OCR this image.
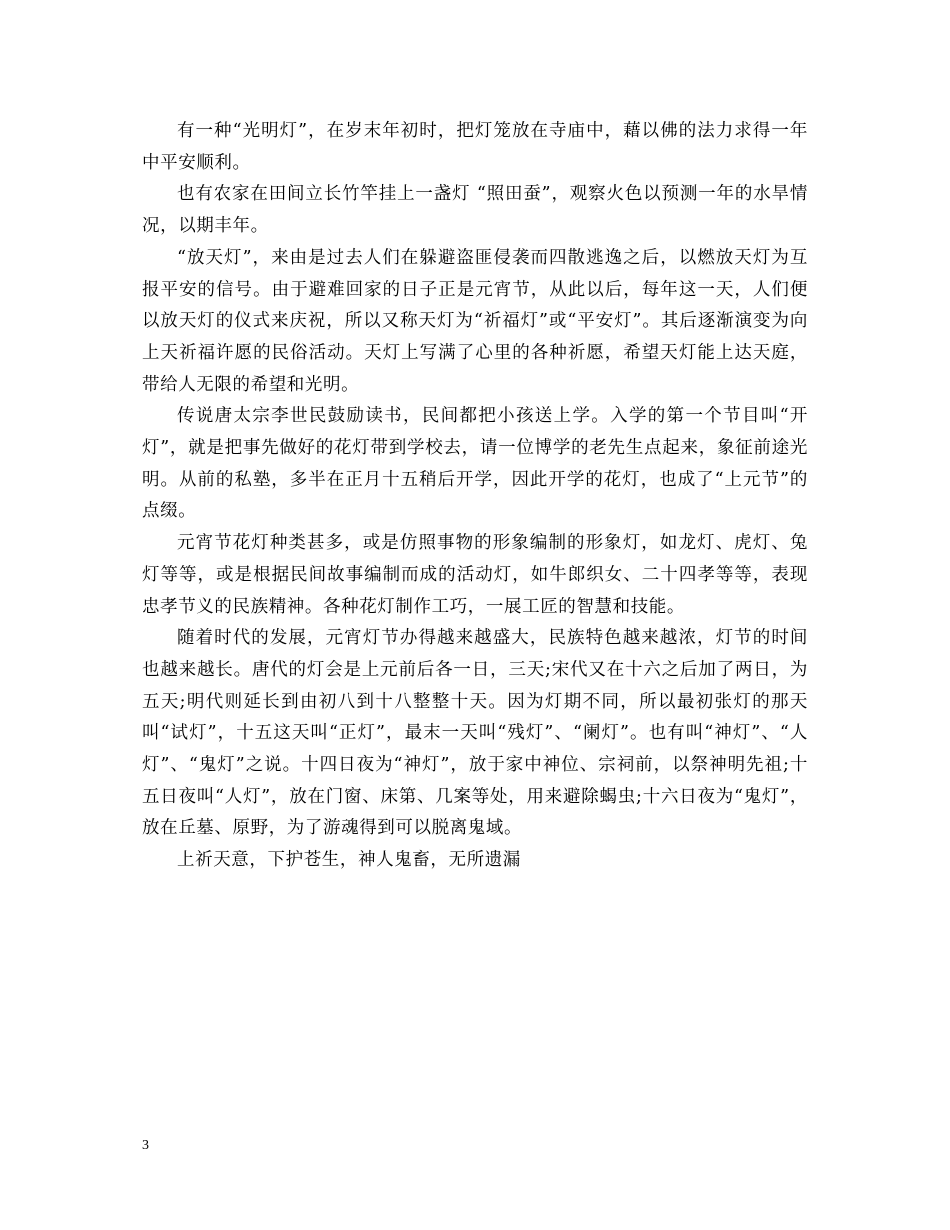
有一种“光明灯”，在岁末年初时，把灯笼放在寺庙中，藉以佛的法力求得一年中平安顺利。

也有农家在田间立长竹竿挂上一盏灯 “照田蚕”，观察火色以预测一年的水旱情况，以期丰年。

“放天灯”，来由是过去人们在躲避盗匪侵袭而四散逃逸之后，以燃放天灯为互报平安的信号。由于避难回家的日子正是元宵节，从此以后，每年这一天，人们便以放天灯的仪式来庆祝，所以又称天灯为“祈福灯”或“平安灯”。其后逐渐演变为向上天祈福许愿的民俗活动。天灯上写满了心里的各种祈愿，希望天灯能上达天庭，带给人无限的希望和光明。

传说唐太宗李世民鼓励读书，民间都把小孩送上学。入学的第一个节目叫“开灯”，就是把事先做好的花灯带到学校去，请一位博学的老先生点起来，象征前途光明。从前的私塾，多半在正月十五稍后开学，因此开学的花灯，也成了“上元节”的点缀。

元宵节花灯种类甚多，或是仿照事物的形象编制的形象灯，如龙灯、虎灯、兔灯等等，或是根据民间故事编制而成的活动灯，如牛郎织女、二十四孝等等，表现忠孝节义的民族精神。各种花灯制作工巧，一展工匠的智慧和技能。

随着时代的发展，元宵灯节办得越来越盛大，民族特色越来越浓，灯节的时间也越来越长。唐代的灯会是上元前后各一日，三天;宋代又在十六之后加了两日，为五天;明代则延长到由初八到十八整整十天。因为灯期不同，所以最初张灯的那天叫“试灯”，十五这天叫“正灯”，最末一天叫“残灯”、“阑灯”。也有叫“神灯”、“人灯”、“鬼灯”之说。十四日夜为“神灯”，放于家中神位、宗祠前，以祭神明先祖;十五日夜叫“人灯”，放在门窗、床第、几案等处，用来避除蝎虫;十六日夜为“鬼灯”，放在丘墓、原野，为了游魂得到可以脱离鬼域。

上祈天意，下护苍生，神人鬼畜，无所遗漏

3
